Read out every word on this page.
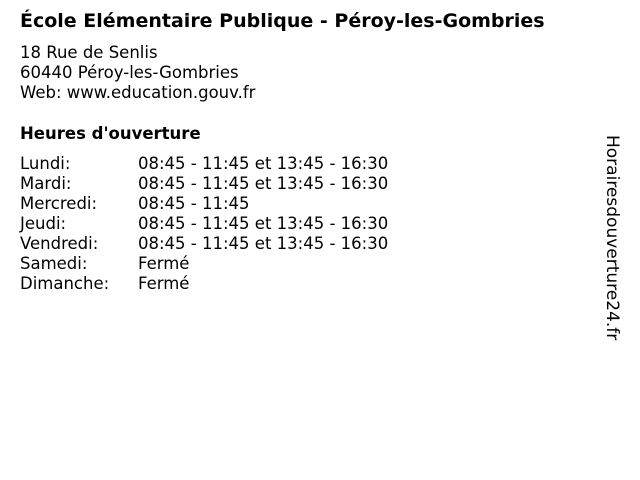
École Elémentaire Publique - Péroy-les-Gombries
18 Rue de Senlis
60440 Péroy-les-Gombries
Web: www.education.gouv.fr
Heures d'ouverture
Lundi:	08:45 - 11:45 et 13:45 - 16:30
Mardi:	08:45 - 11:45 et 13:45 - 16:30
Mercredi: 08:45 - 11:45
Jeudi:	08:45 - 11:45 et 13:45 - 16:30
Vendredi: 08:45 - 11:45 et 13:45 - 16:30
Samedi:	Fermé
Dimanche: Fermé	Horairesdouverture24.fr
